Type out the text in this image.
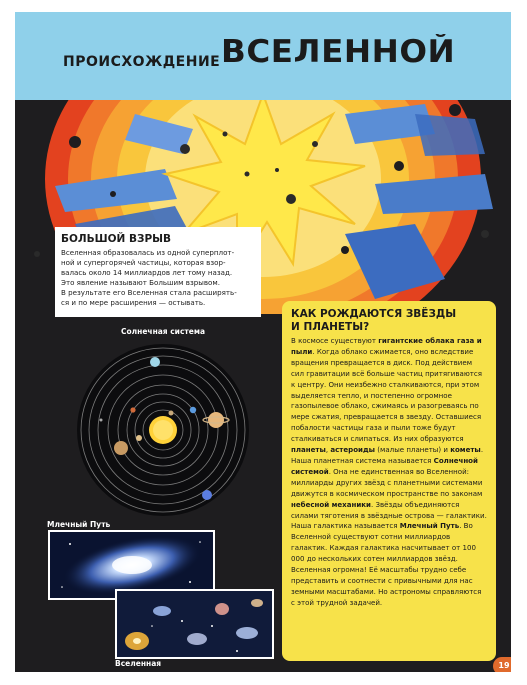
ПРОИСХОЖДЕНИЕ ВСЕЛЕННОЙ
БОЛЬШОЙ ВЗРЫВ
Вселенная образовалась из одной суперплот-
ной и супергорячей частицы, которая взор-
валась около 14 миллиардов лет тому назад.
Это явление называют Большим взрывом.
В результате его Вселенная стала расширять-
ся и по мере расширения — остывать.
Солнечная система
Млечный Путь
Вселенная
КАК РОЖДАЮТСЯ ЗВЁЗДЫ
И ПЛАНЕТЫ?
В космосе существуют гигантские облака газа и пыли. Когда облако сжимается, оно вследствие вращения превращается в диск. Под действием сил гравитации всё больше частиц притягиваются к центру. Они неизбежно сталкиваются, при этом выделяется тепло, и постепенно огромное газопылевое облако, сжимаясь и разогреваясь по мере сжатия, превращается в звезду. Оставшиеся побалости частицы газа и пыли тоже будут сталкиваться и слипаться. Из них образуются планеты, астероиды (малые планеты) и кометы. Наша планетная система называется Солнечной системой. Она не единственная во Вселенной: миллиарды других звёзд с планетными системами движутся в космическом пространстве по законам небесной механики. Звёзды объединяются силами тяготения в звёздные острова — галактики. Наша галактика называется Млечный Путь. Во Вселенной существуют сотни миллиардов галактик. Каждая галактика насчитывает от 100 000 до нескольких сотен миллиардов звёзд. Вселенная огромна! Её масштабы трудно себе представить и соотнести с привычными для нас земными масштабами. Но астрономы справляются с этой трудной задачей.
19
